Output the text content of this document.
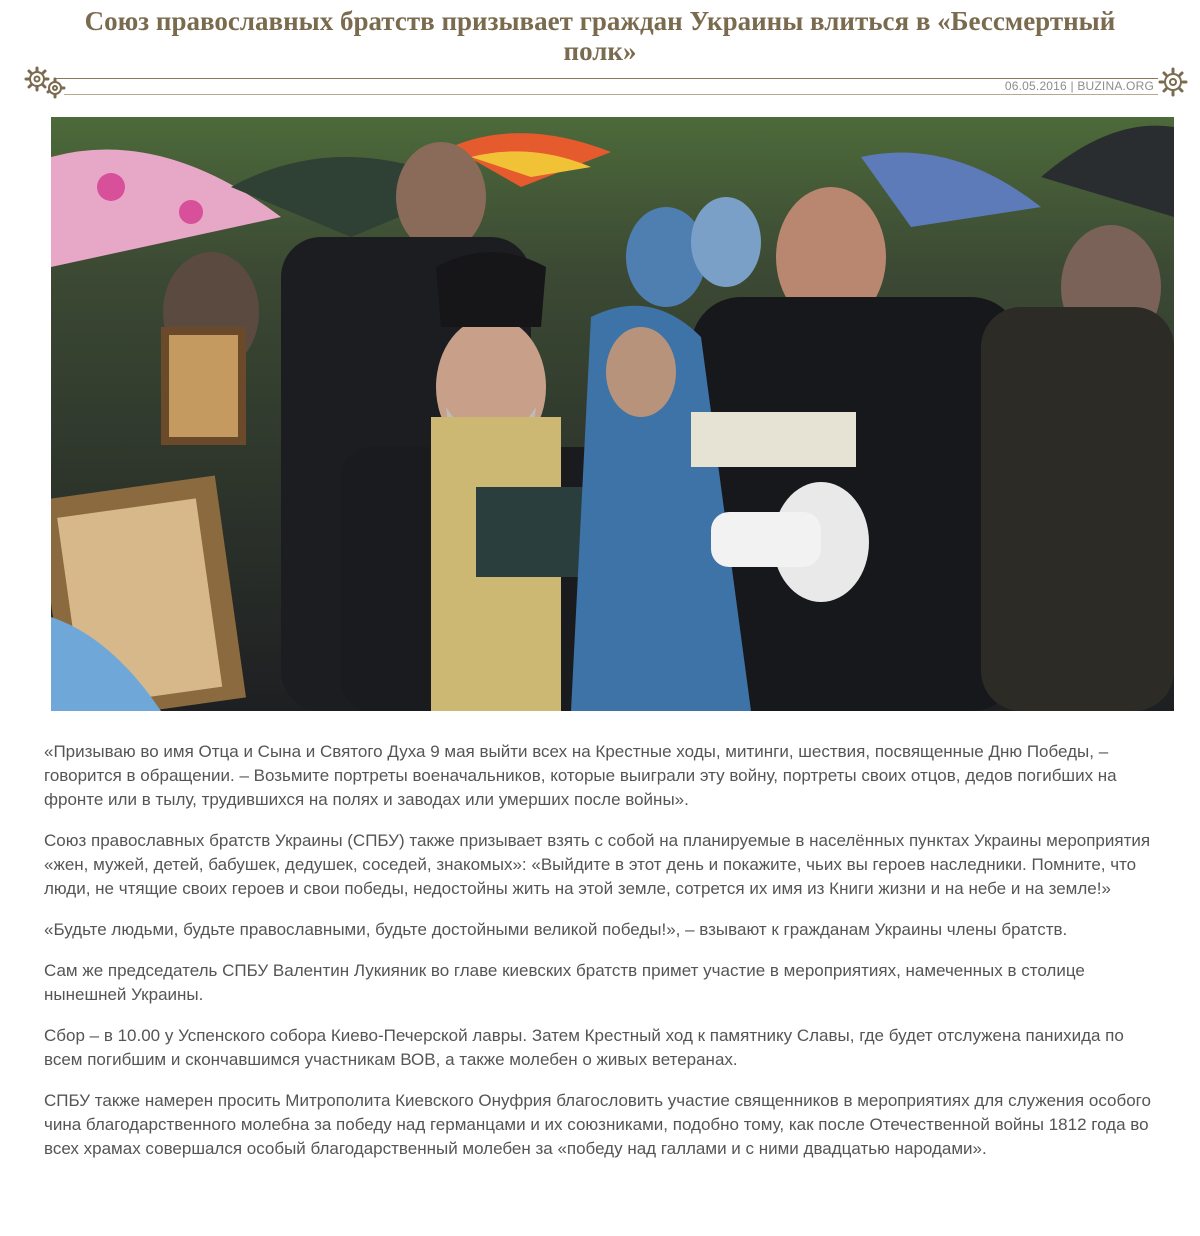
Союз православных братств призывает граждан Украины влиться в «Бессмертный полк»
06.05.2016 | BUZINA.ORG

«Призываю во имя Отца и Сына и Святого Духа 9 мая выйти всех на Крестные ходы, митинги, шествия, посвященные Дню Победы, – говорится в обращении. – Возьмите портреты военачальников, которые выиграли эту войну, портреты своих отцов, дедов погибших на фронте или в тылу, трудившихся на полях и заводах или умерших после войны».

Союз православных братств Украины (СПБУ) также призывает взять с собой на планируемые в населённых пунктах Украины мероприятия «жен, мужей, детей, бабушек, дедушек, соседей, знакомых»: «Выйдите в этот день и покажите, чьих вы героев наследники. Помните, что люди, не чтящие своих героев и свои победы, недостойны жить на этой земле, сотрется их имя из Книги жизни и на небе и на земле!»

«Будьте людьми, будьте православными, будьте достойными великой победы!», – взывают к гражданам Украины члены братств.

Сам же председатель СПБУ Валентин Лукияник во главе киевских братств примет участие в мероприятиях, намеченных в столице нынешней Украины.

Сбор – в 10.00 у Успенского собора Киево-Печерской лавры. Затем Крестный ход к памятнику Славы, где будет отслужена панихида по всем погибшим и скончавшимся участникам ВОВ, а также молебен о живых ветеранах.

СПБУ также намерен просить Митрополита Киевского Онуфрия благословить участие священников в мероприятиях для служения особого чина благодарственного молебна за победу над германцами и их союзниками, подобно тому, как после Отечественной войны 1812 года во всех храмах совершался особый благодарственный молебен за «победу над галлами и с ними двадцатью народами».
